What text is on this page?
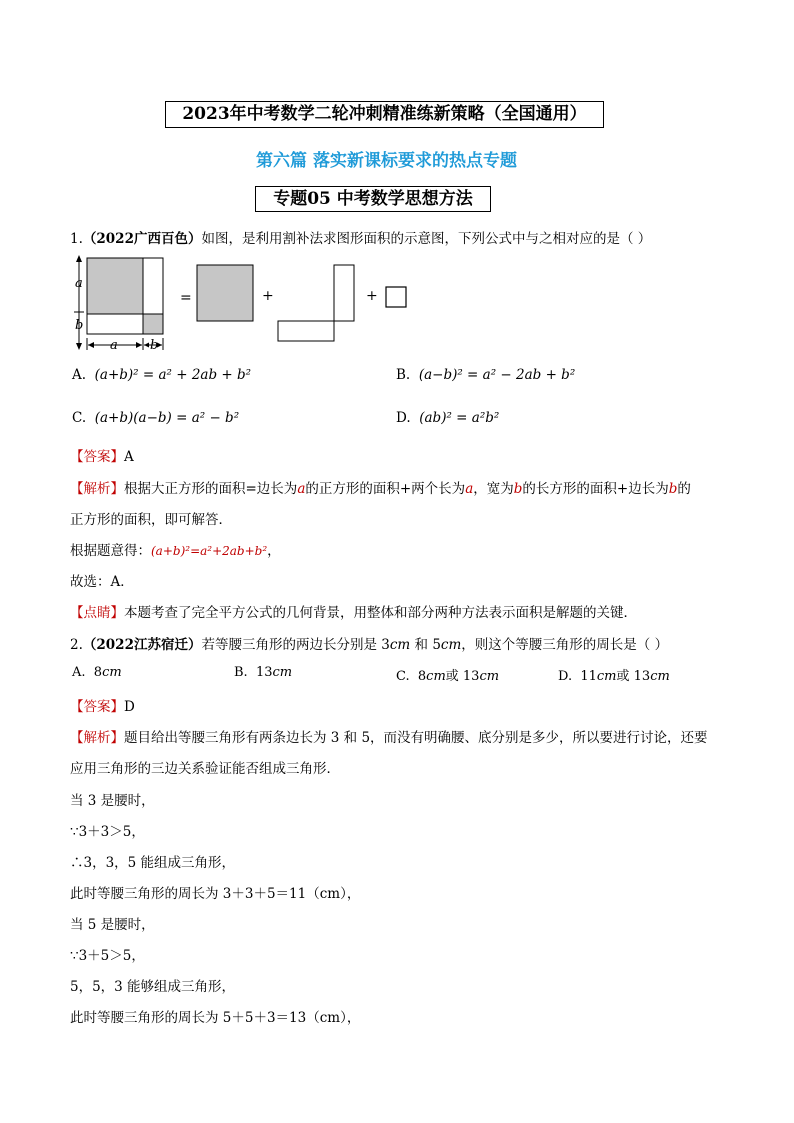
2023年中考数学二轮冲刺精准练新策略（全国通用）
第六篇 落实新课标要求的热点专题
专题05 中考数学思想方法
1.（2022广西百色）如图，是利用割补法求图形面积的示意图，下列公式中与之相对应的是（ ）
a
b
a b
=	+	+
A. (a+b)² = a² + 2ab + b²	B. (a−b)² = a² − 2ab + b²
C. (a+b)(a−b) = a² − b²	D. (ab)² = a²b²
【答案】A
【解析】根据大正方形的面积=边长为a的正方形的面积+两个长为a，宽为b的长方形的面积+边长为b的
正方形的面积，即可解答．
根据题意得：(a+b)²=a²+2ab+b²，
故选：A．
【点睛】本题考查了完全平方公式的几何背景，用整体和部分两种方法表示面积是解题的关键．
2.（2022江苏宿迁）若等腰三角形的两边长分别是 3cm 和 5cm，则这个等腰三角形的周长是（ ）
A. 8cm	B. 13cm	C. 8cm或 13cm	D. 11cm或 13cm
【答案】D
【解析】题目给出等腰三角形有两条边长为 3 和 5，而没有明确腰、底分别是多少，所以要进行讨论，还要
应用三角形的三边关系验证能否组成三角形．
当 3 是腰时，
∵3＋3＞5，
∴3，3，5 能组成三角形，
此时等腰三角形的周长为 3＋3＋5＝11（cm），
当 5 是腰时，
∵3＋5＞5，
5，5，3 能够组成三角形，
此时等腰三角形的周长为 5＋5＋3＝13（cm），
